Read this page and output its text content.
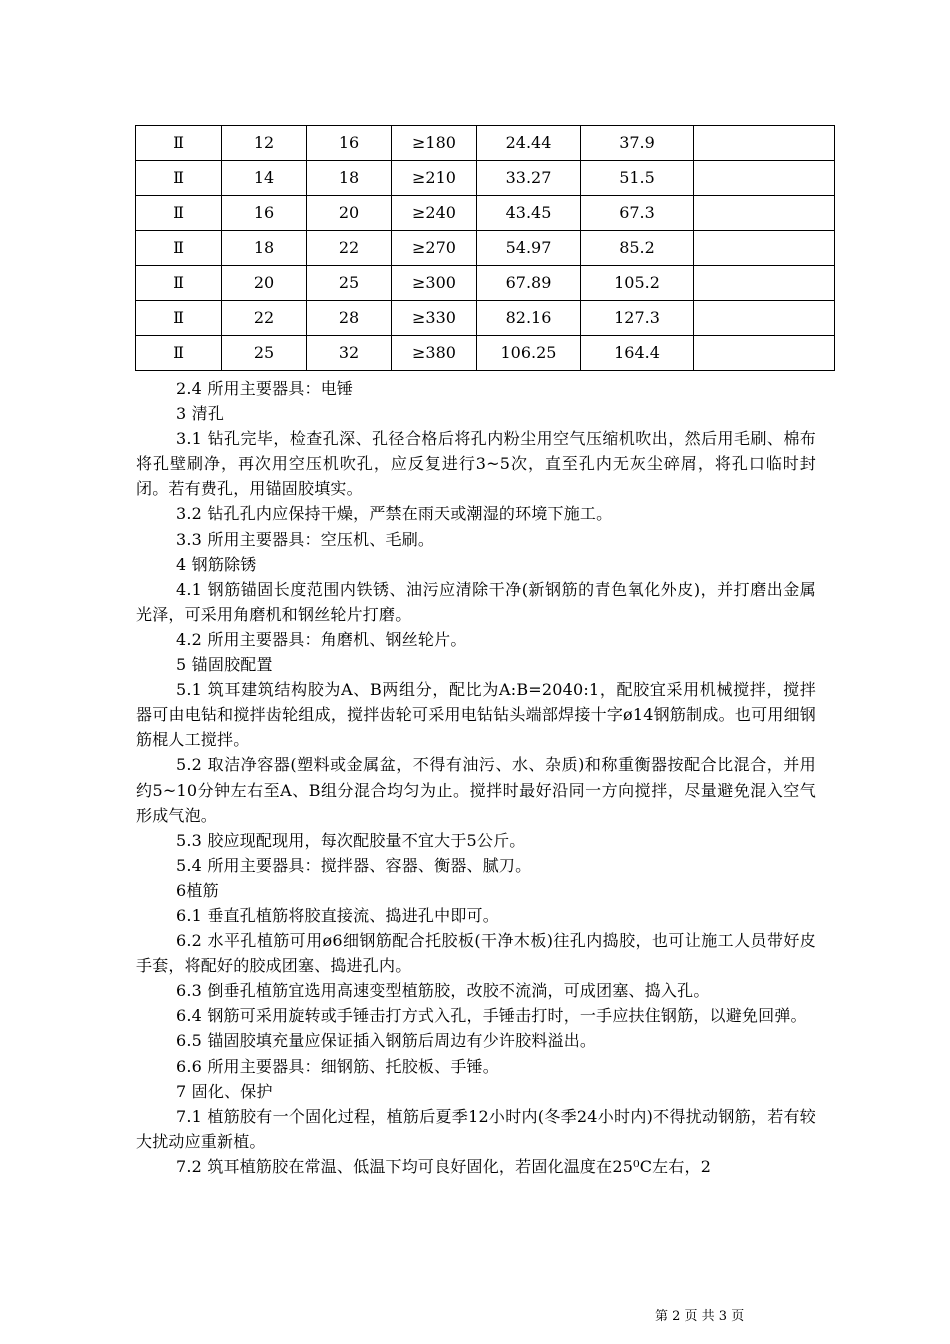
Ⅱ	12	16	≥180	24.44	37.9	
Ⅱ	14	18	≥210	33.27	51.5	
Ⅱ	16	20	≥240	43.45	67.3	
Ⅱ	18	22	≥270	54.97	85.2	
Ⅱ	20	25	≥300	67.89	105.2	
Ⅱ	22	28	≥330	82.16	127.3	
Ⅱ	25	32	≥380	106.25	164.4	

2.4 所用主要器具：电锤

3 清孔

3.1 钻孔完毕，检查孔深、孔径合格后将孔内粉尘用空气压缩机吹出，然后用毛刷、棉布将孔壁刷净，再次用空压机吹孔，应反复进行3~5次，直至孔内无灰尘碎屑，将孔口临时封闭。若有费孔，用锚固胶填实。

3.2 钻孔孔内应保持干燥，严禁在雨天或潮湿的环境下施工。

3.3 所用主要器具：空压机、毛刷。

4 钢筋除锈

4.1 钢筋锚固长度范围内铁锈、油污应清除干净(新钢筋的青色氧化外皮)，并打磨出金属光泽，可采用角磨机和钢丝轮片打磨。

4.2 所用主要器具：角磨机、钢丝轮片。

5 锚固胶配置

5.1 筑耳建筑结构胶为A、B两组分，配比为A:B=2040:1，配胶宜采用机械搅拌，搅拌器可由电钻和搅拌齿轮组成，搅拌齿轮可采用电钻钻头端部焊接十字ø14钢筋制成。也可用细钢筋棍人工搅拌。

5.2 取洁净容器(塑料或金属盆，不得有油污、水、杂质)和称重衡器按配合比混合，并用约5~10分钟左右至A、B组分混合均匀为止。搅拌时最好沿同一方向搅拌，尽量避免混入空气形成气泡。

5.3 胶应现配现用，每次配胶量不宜大于5公斤。

5.4 所用主要器具：搅拌器、容器、衡器、腻刀。

6植筋

6.1 垂直孔植筋将胶直接流、捣进孔中即可。

6.2 水平孔植筋可用ø6细钢筋配合托胶板(干净木板)往孔内捣胶，也可让施工人员带好皮手套，将配好的胶成团塞、捣进孔内。

6.3 倒垂孔植筋宜选用高速变型植筋胶，改胶不流淌，可成团塞、捣入孔。

6.4 钢筋可采用旋转或手锤击打方式入孔，手锤击打时，一手应扶住钢筋，以避免回弹。

6.5 锚固胶填充量应保证插入钢筋后周边有少许胶料溢出。

6.6 所用主要器具：细钢筋、托胶板、手锤。

7 固化、保护

7.1 植筋胶有一个固化过程，植筋后夏季12小时内(冬季24小时内)不得扰动钢筋，若有较大扰动应重新植。

7.2 筑耳植筋胶在常温、低温下均可良好固化，若固化温度在25⁰C左右，2

第 2 页 共 3 页
